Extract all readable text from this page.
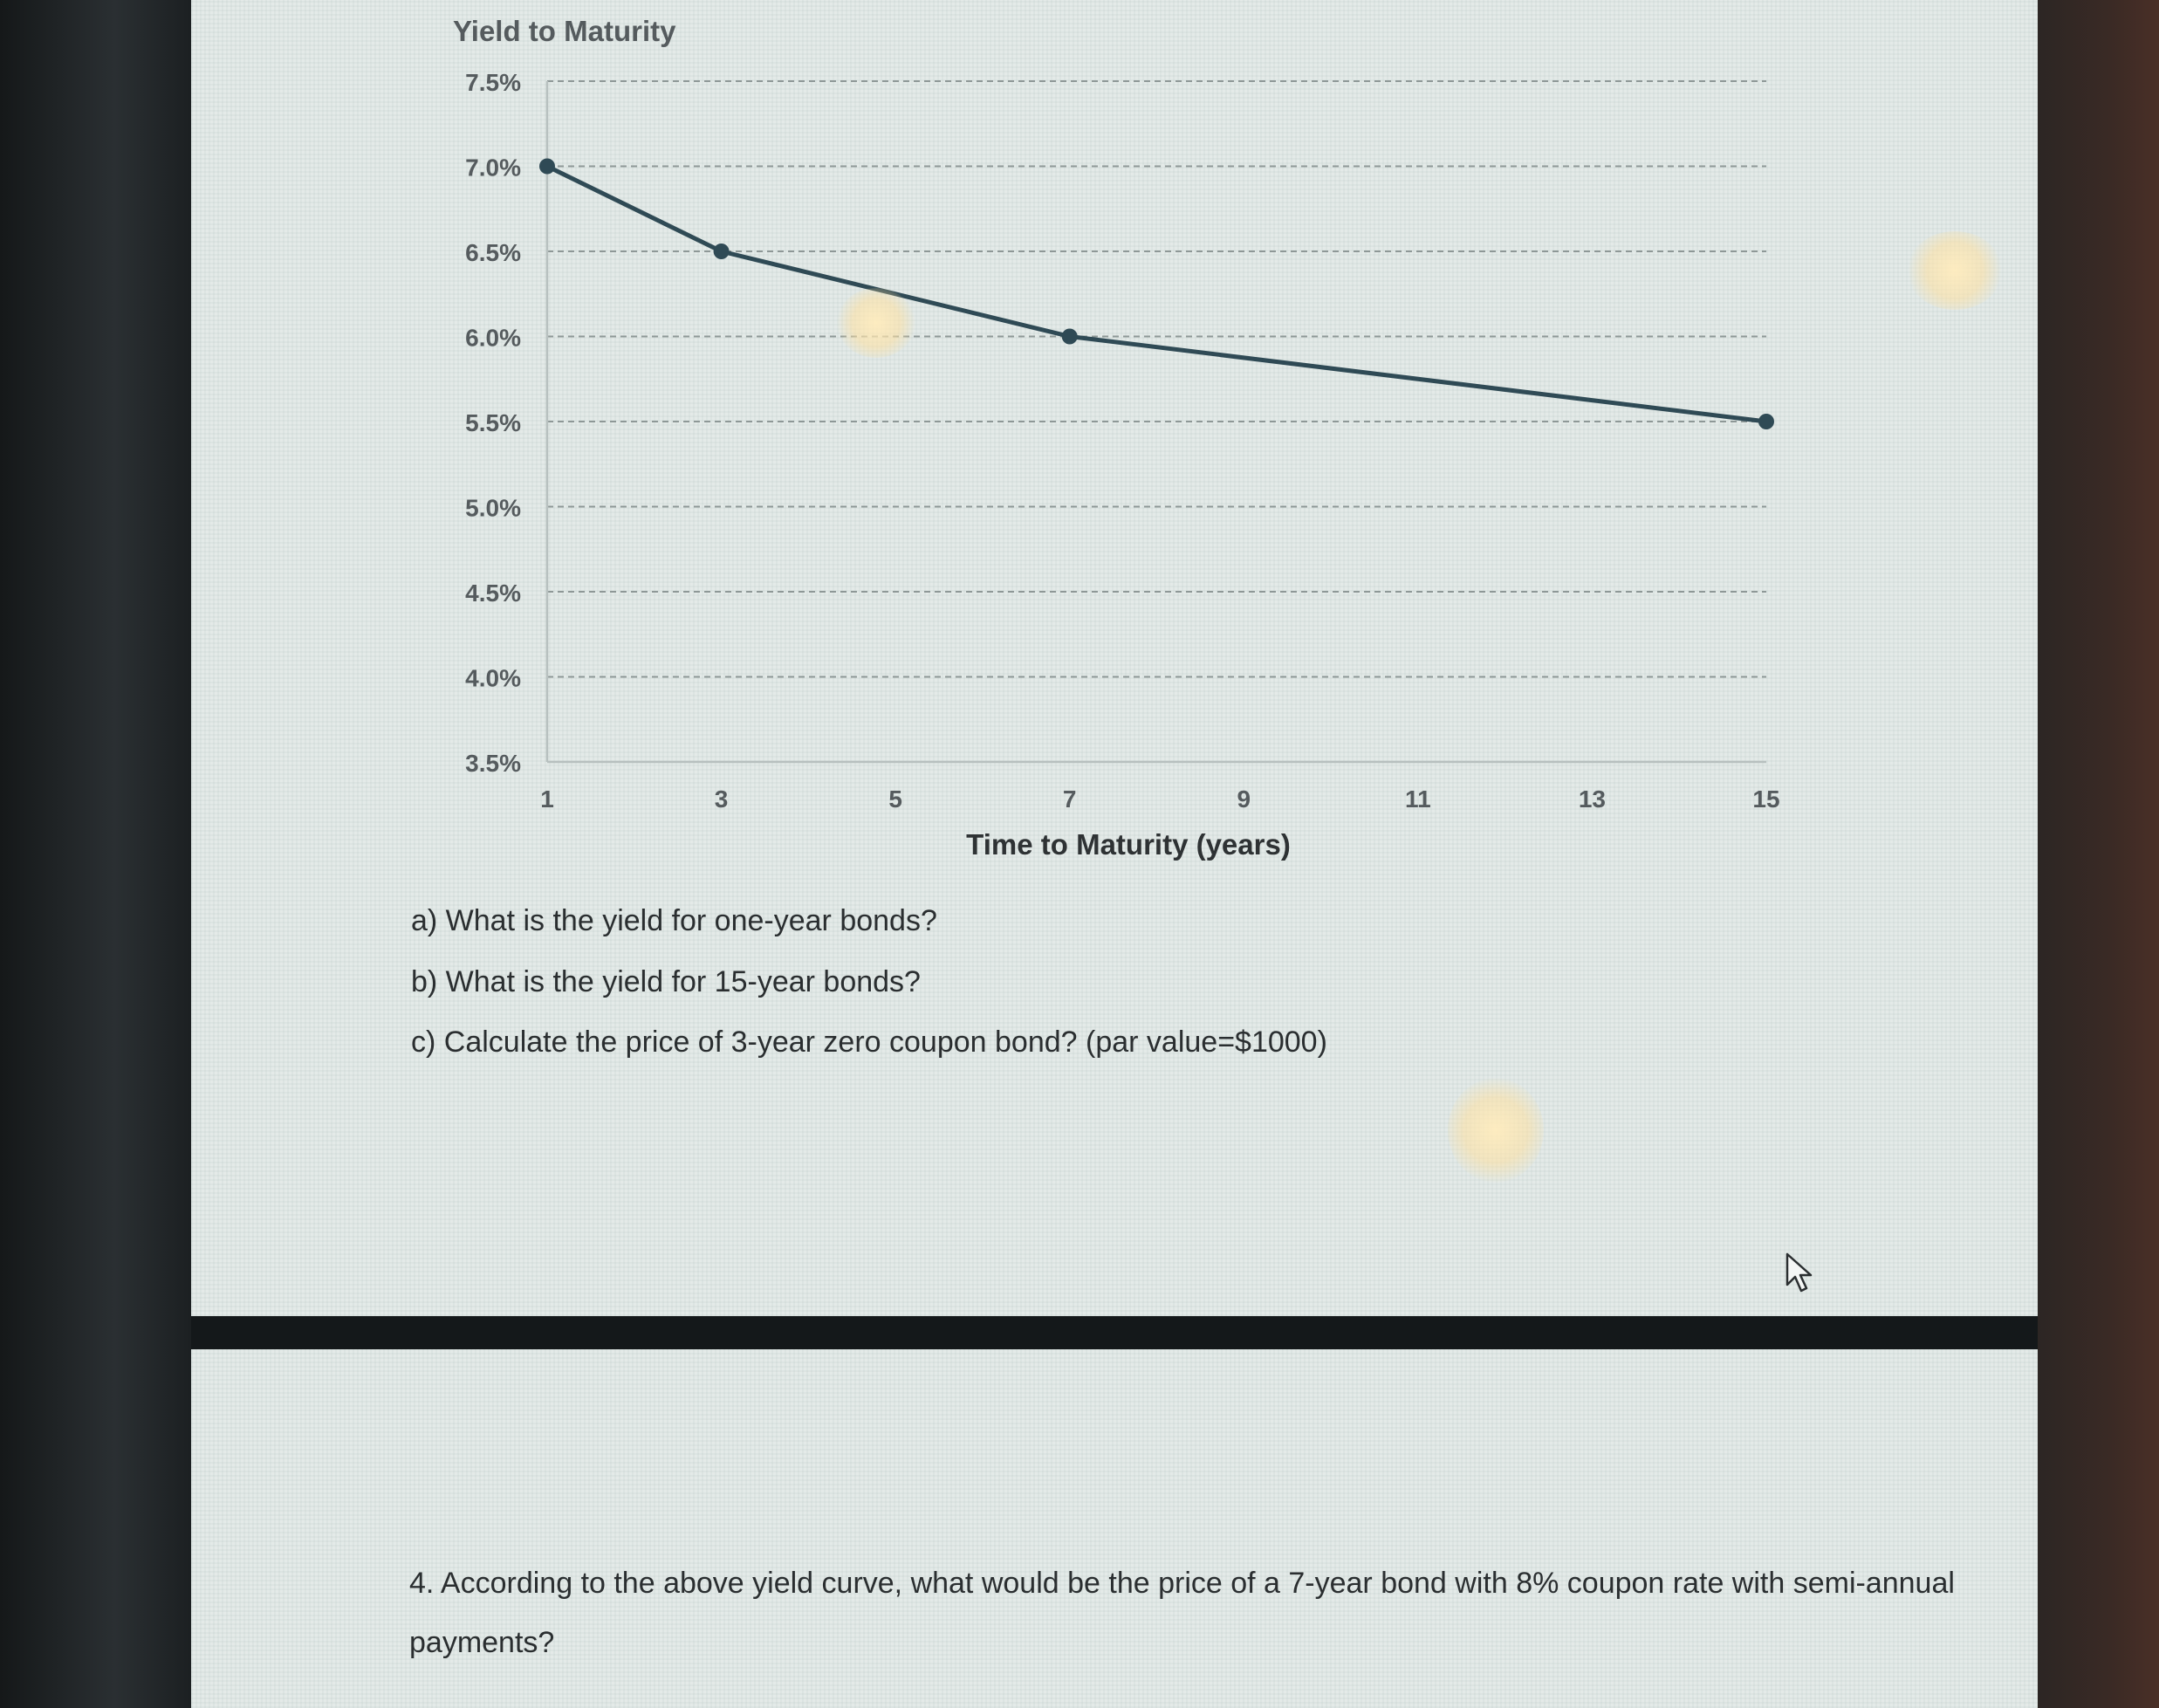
Yield to Maturity
7.5%
7.0%
6.5%
6.0%
5.5%
5.0%
4.5%
4.0%
3.5%
1	3	5	7	9	11	13	15
Time to Maturity (years)
a) What is the yield for one-year bonds?
b) What is the yield for 15-year bonds?
c) Calculate the price of 3-year zero coupon bond? (par value=$1000)
4. According to the above yield curve, what would be the price of a 7-year bond with 8% coupon rate with semi-annual payments?
